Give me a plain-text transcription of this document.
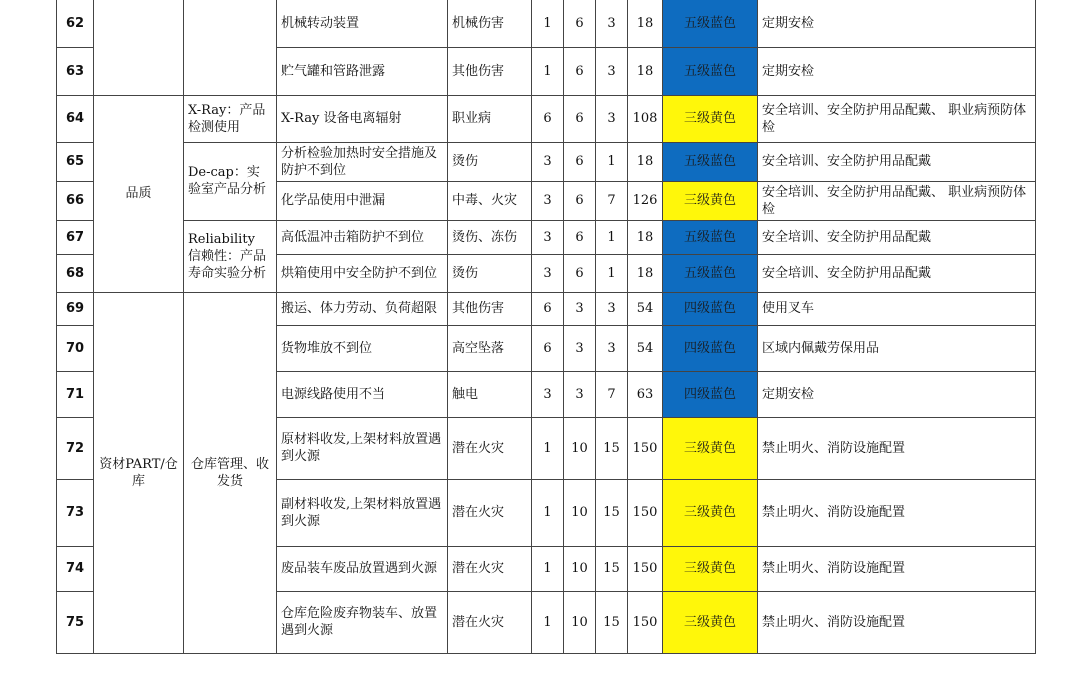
62			机械转动装置	机械伤害	1	6	3	18	五级蓝色	定期安检
63			贮气罐和管路泄露	其他伤害	1	6	3	18	五级蓝色	定期安检
64	品质	X-Ray：产品检测使用	X-Ray 设备电离辐射	职业病	6	6	3	108	三级黄色	安全培训、安全防护用品配戴、 职业病预防体检
65		De-cap：实验室产品分析	分析检验加热时安全措施及防护不到位	烫伤	3	6	1	18	五级蓝色	安全培训、安全防护用品配戴
66			化学品使用中泄漏	中毒、火灾	3	6	7	126	三级黄色	安全培训、安全防护用品配戴、 职业病预防体检
67		Reliability 信赖性：产品寿命实验分析	高低温冲击箱防护不到位	烫伤、冻伤	3	6	1	18	五级蓝色	安全培训、安全防护用品配戴
68			烘箱使用中安全防护不到位	烫伤	3	6	1	18	五级蓝色	安全培训、安全防护用品配戴
69	资材PART/仓库	仓库管理、收发货	搬运、体力劳动、负荷超限	其他伤害	6	3	3	54	四级蓝色	使用叉车
70			货物堆放不到位	高空坠落	6	3	3	54	四级蓝色	区域内佩戴劳保用品
71			电源线路使用不当	触电	3	3	7	63	四级蓝色	定期安检
72			原材料收发,上架材料放置遇到火源	潜在火灾	1	10	15	150	三级黄色	禁止明火、消防设施配置
73			副材料收发,上架材料放置遇到火源	潜在火灾	1	10	15	150	三级黄色	禁止明火、消防设施配置
74			废品装车废品放置遇到火源	潜在火灾	1	10	15	150	三级黄色	禁止明火、消防设施配置
75			仓库危险废弃物装车、放置遇到火源	潜在火灾	1	10	15	150	三级黄色	禁止明火、消防设施配置
